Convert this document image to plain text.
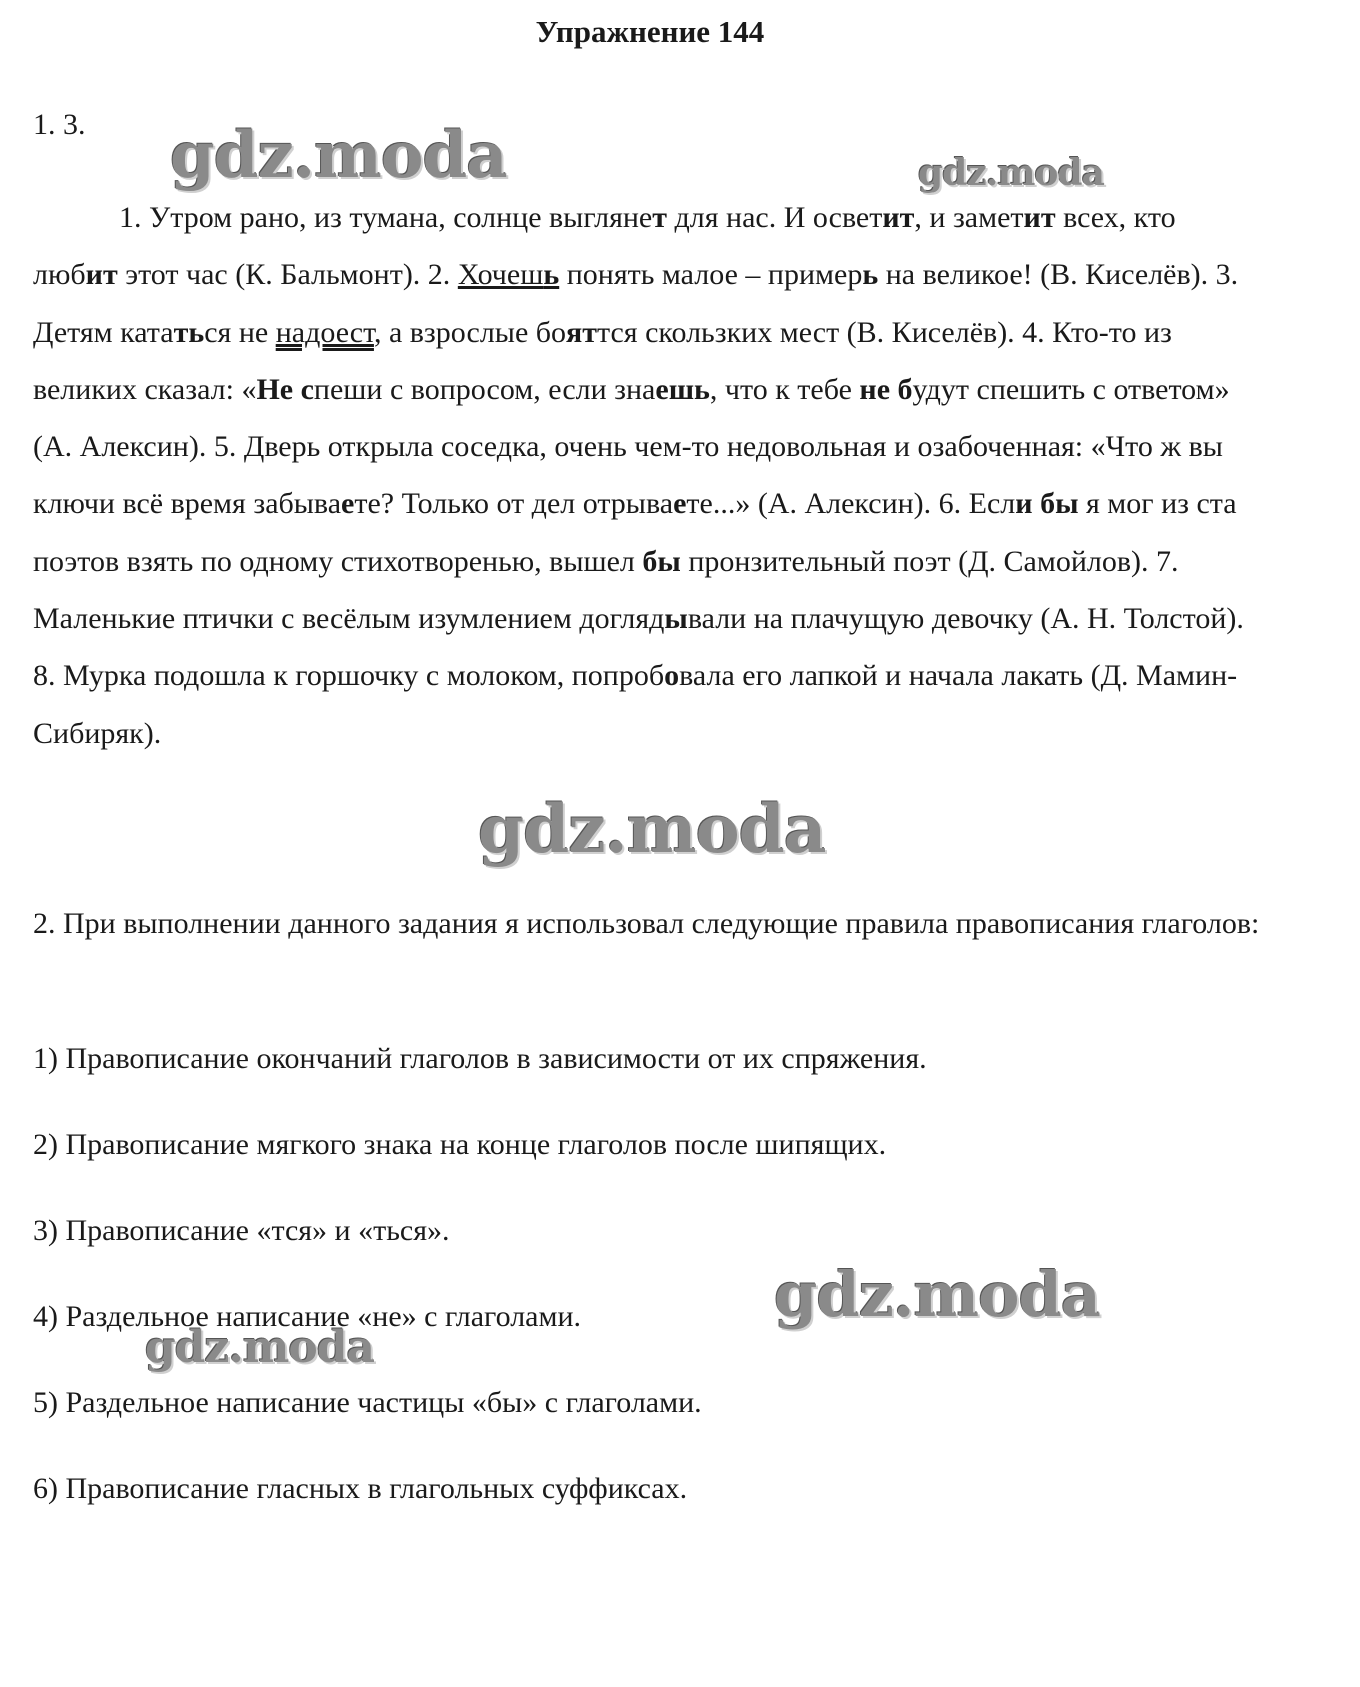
Упражнение 144
1. 3.

1. Утром рано, из тумана, солнце выглянет для нас. И осветит, и заметит всех, кто любит этот час (К. Бальмонт). 2. Хочешь понять малое – примерь на великое! (В. Киселёв). 3. Детям кататься не надоест, а взрослые бояттся скользких мест (В. Киселёв). 4. Кто-то из великих сказал: «Не спеши с вопросом, если знаешь, что к тебе не будут спешить с ответом» (А. Алексин). 5. Дверь открыла соседка, очень чем-то недовольная и озабоченная: «Что ж вы ключи всё время забываете? Только от дел отрываете...» (А. Алексин). 6. Если бы я мог из ста поэтов взять по одному стихотворенью, вышел бы пронзительный поэт (Д. Самойлов). 7. Маленькие птички с весёлым изумлением доглядывали на плачущую девочку (А. Н. Толстой). 8. Мурка подошла к горшочку с молоком, попробовала его лапкой и начала лакать (Д. Мамин-Сибиряк).

2. При выполнении данного задания я использовал следующие правила правописания глаголов:

1) Правописание окончаний глаголов в зависимости от их спряжения.
2) Правописание мягкого знака на конце глаголов после шипящих.
3) Правописание «тся» и «ться».
4) Раздельное написание «не» с глаголами.
5) Раздельное написание частицы «бы» с глаголами.
6) Правописание гласных в глагольных суффиксах.
gdz.moda	gdz.moda
gdz.moda
gdz.moda
gdz.moda
